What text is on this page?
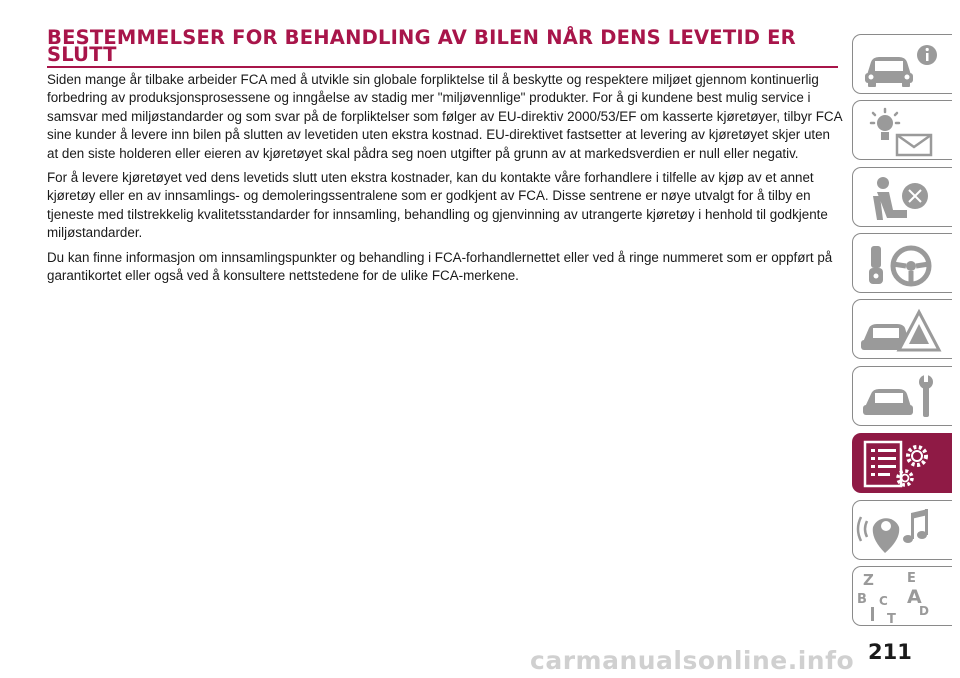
BESTEMMELSER FOR BEHANDLING AV BILEN NÅR DENS LEVETID ER SLUTT

Siden mange år tilbake arbeider FCA med å utvikle sin globale forpliktelse til å beskytte og respektere miljøet gjennom kontinuerlig forbedring av produksjonsprosessene og inngåelse av stadig mer "miljøvennlige" produkter. For å gi kundene best mulig service i samsvar med miljøstandarder og som svar på de forpliktelser som følger av EU-direktiv 2000/53/EF om kasserte kjøretøyer, tilbyr FCA sine kunder å levere inn bilen på slutten av levetiden uten ekstra kostnad. EU-direktivet fastsetter at levering av kjøretøyet skjer uten at den siste holderen eller eieren av kjøretøyet skal pådra seg noen utgifter på grunn av at markedsverdien er null eller negativ.

For å levere kjøretøyet ved dens levetids slutt uten ekstra kostnader, kan du kontakte våre forhandlere i tilfelle av kjøp av et annet kjøretøy eller en av innsamlings- og demoleringssentralene som er godkjent av FCA. Disse sentrene er nøye utvalgt for å tilby en tjeneste med tilstrekkelig kvalitetsstandarder for innsamling, behandling og gjenvinning av utrangerte kjøretøy i henhold til godkjente miljøstandarder.

Du kan finne informasjon om innsamlingspunkter og behandling i FCA-forhandlernettet eller ved å ringe nummeret som er oppført på garantikortet eller også ved å konsultere nettstedene for de ulike FCA-merkene.

Z	E
B A
C
D
T
carmanualsonline.info 211
